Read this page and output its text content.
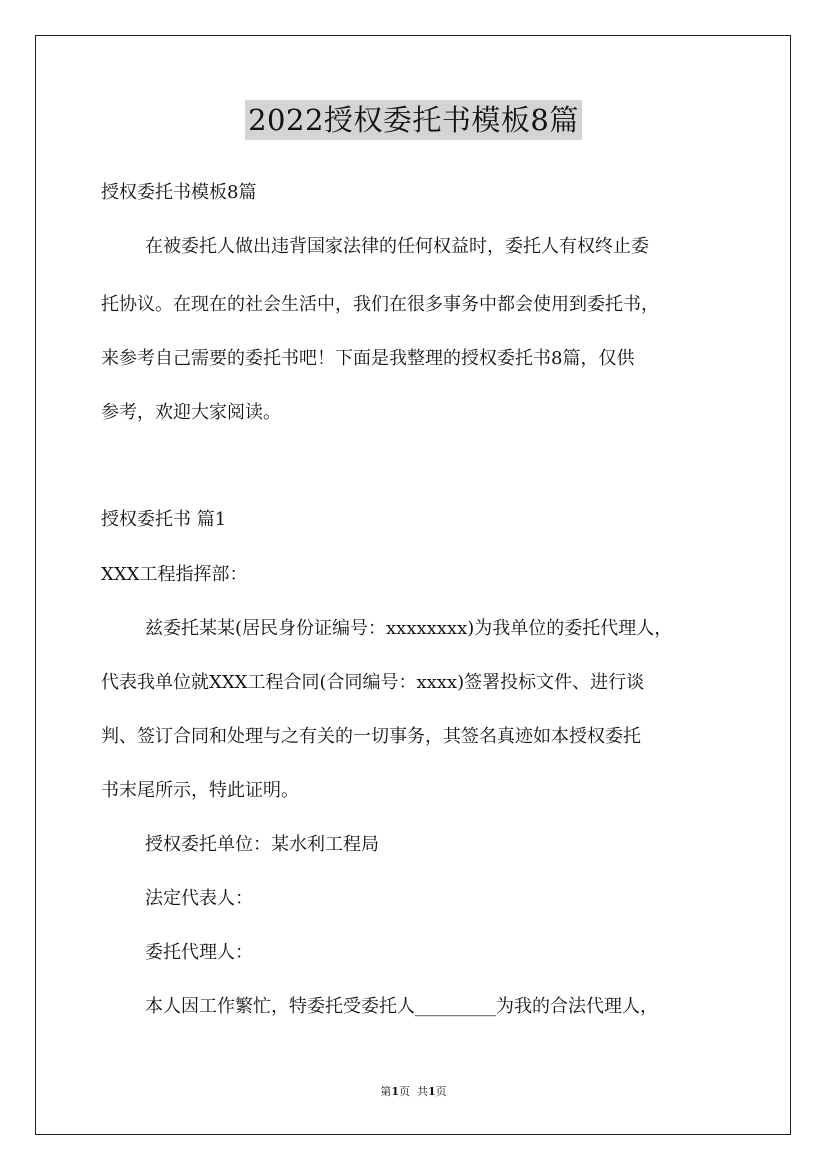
2022授权委托书模板8篇
授权委托书模板8篇
在被委托人做出违背国家法律的任何权益时，委托人有权终止委
托协议。在现在的社会生活中，我们在很多事务中都会使用到委托书，
来参考自己需要的委托书吧！下面是我整理的授权委托书8篇，仅供
参考，欢迎大家阅读。
授权委托书 篇1
XXX工程指挥部：
兹委托某某(居民身份证编号：xxxxxxxx)为我单位的委托代理人，
代表我单位就XXX工程合同(合同编号：xxxx)签署投标文件、进行谈
判、签订合同和处理与之有关的一切事务，其签名真迹如本授权委托
书末尾所示，特此证明。
授权委托单位：某水利工程局
法定代表人：
委托代理人：
本人因工作繁忙，特委托受委托人_________为我的合法代理人，
第1页 共1页
